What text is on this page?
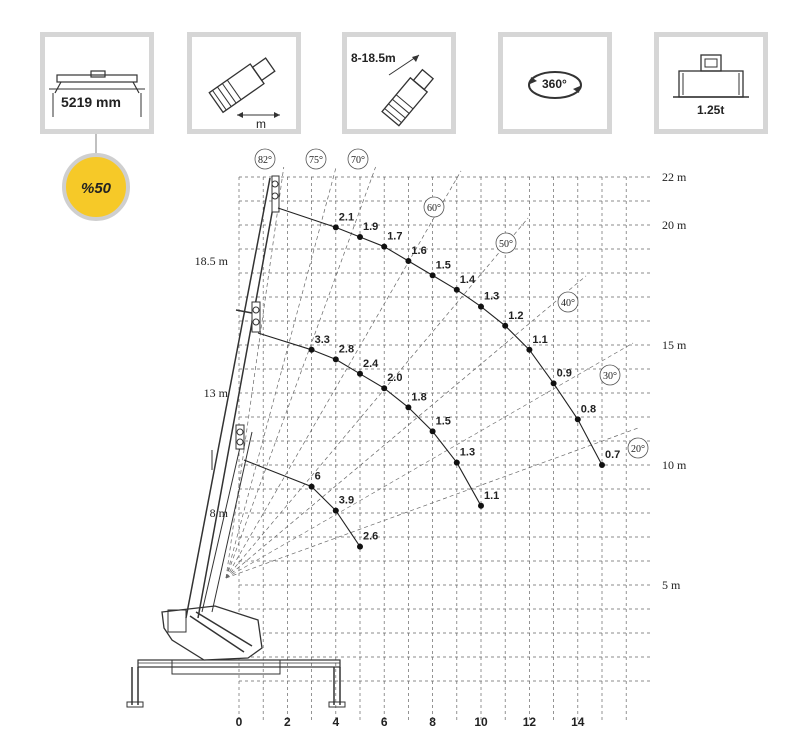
5219 mm
m
8-18.5m
360°
1.25t
%50
0	2	4	6	8	10	12	14
22 m
20 m
15 m
10 m
5 m
18.5 m
13 m
8 m
82°	75°	70°
60°
50°
40°
30°
20°
2.1
1.9
1.7
1.6
1.5
1.4
1.3
1.2
1.1
0.9
0.8
0.7
3.3
2.8
2.4
2.0
1.8
1.5
1.3
1.1
6
3.9
2.6
